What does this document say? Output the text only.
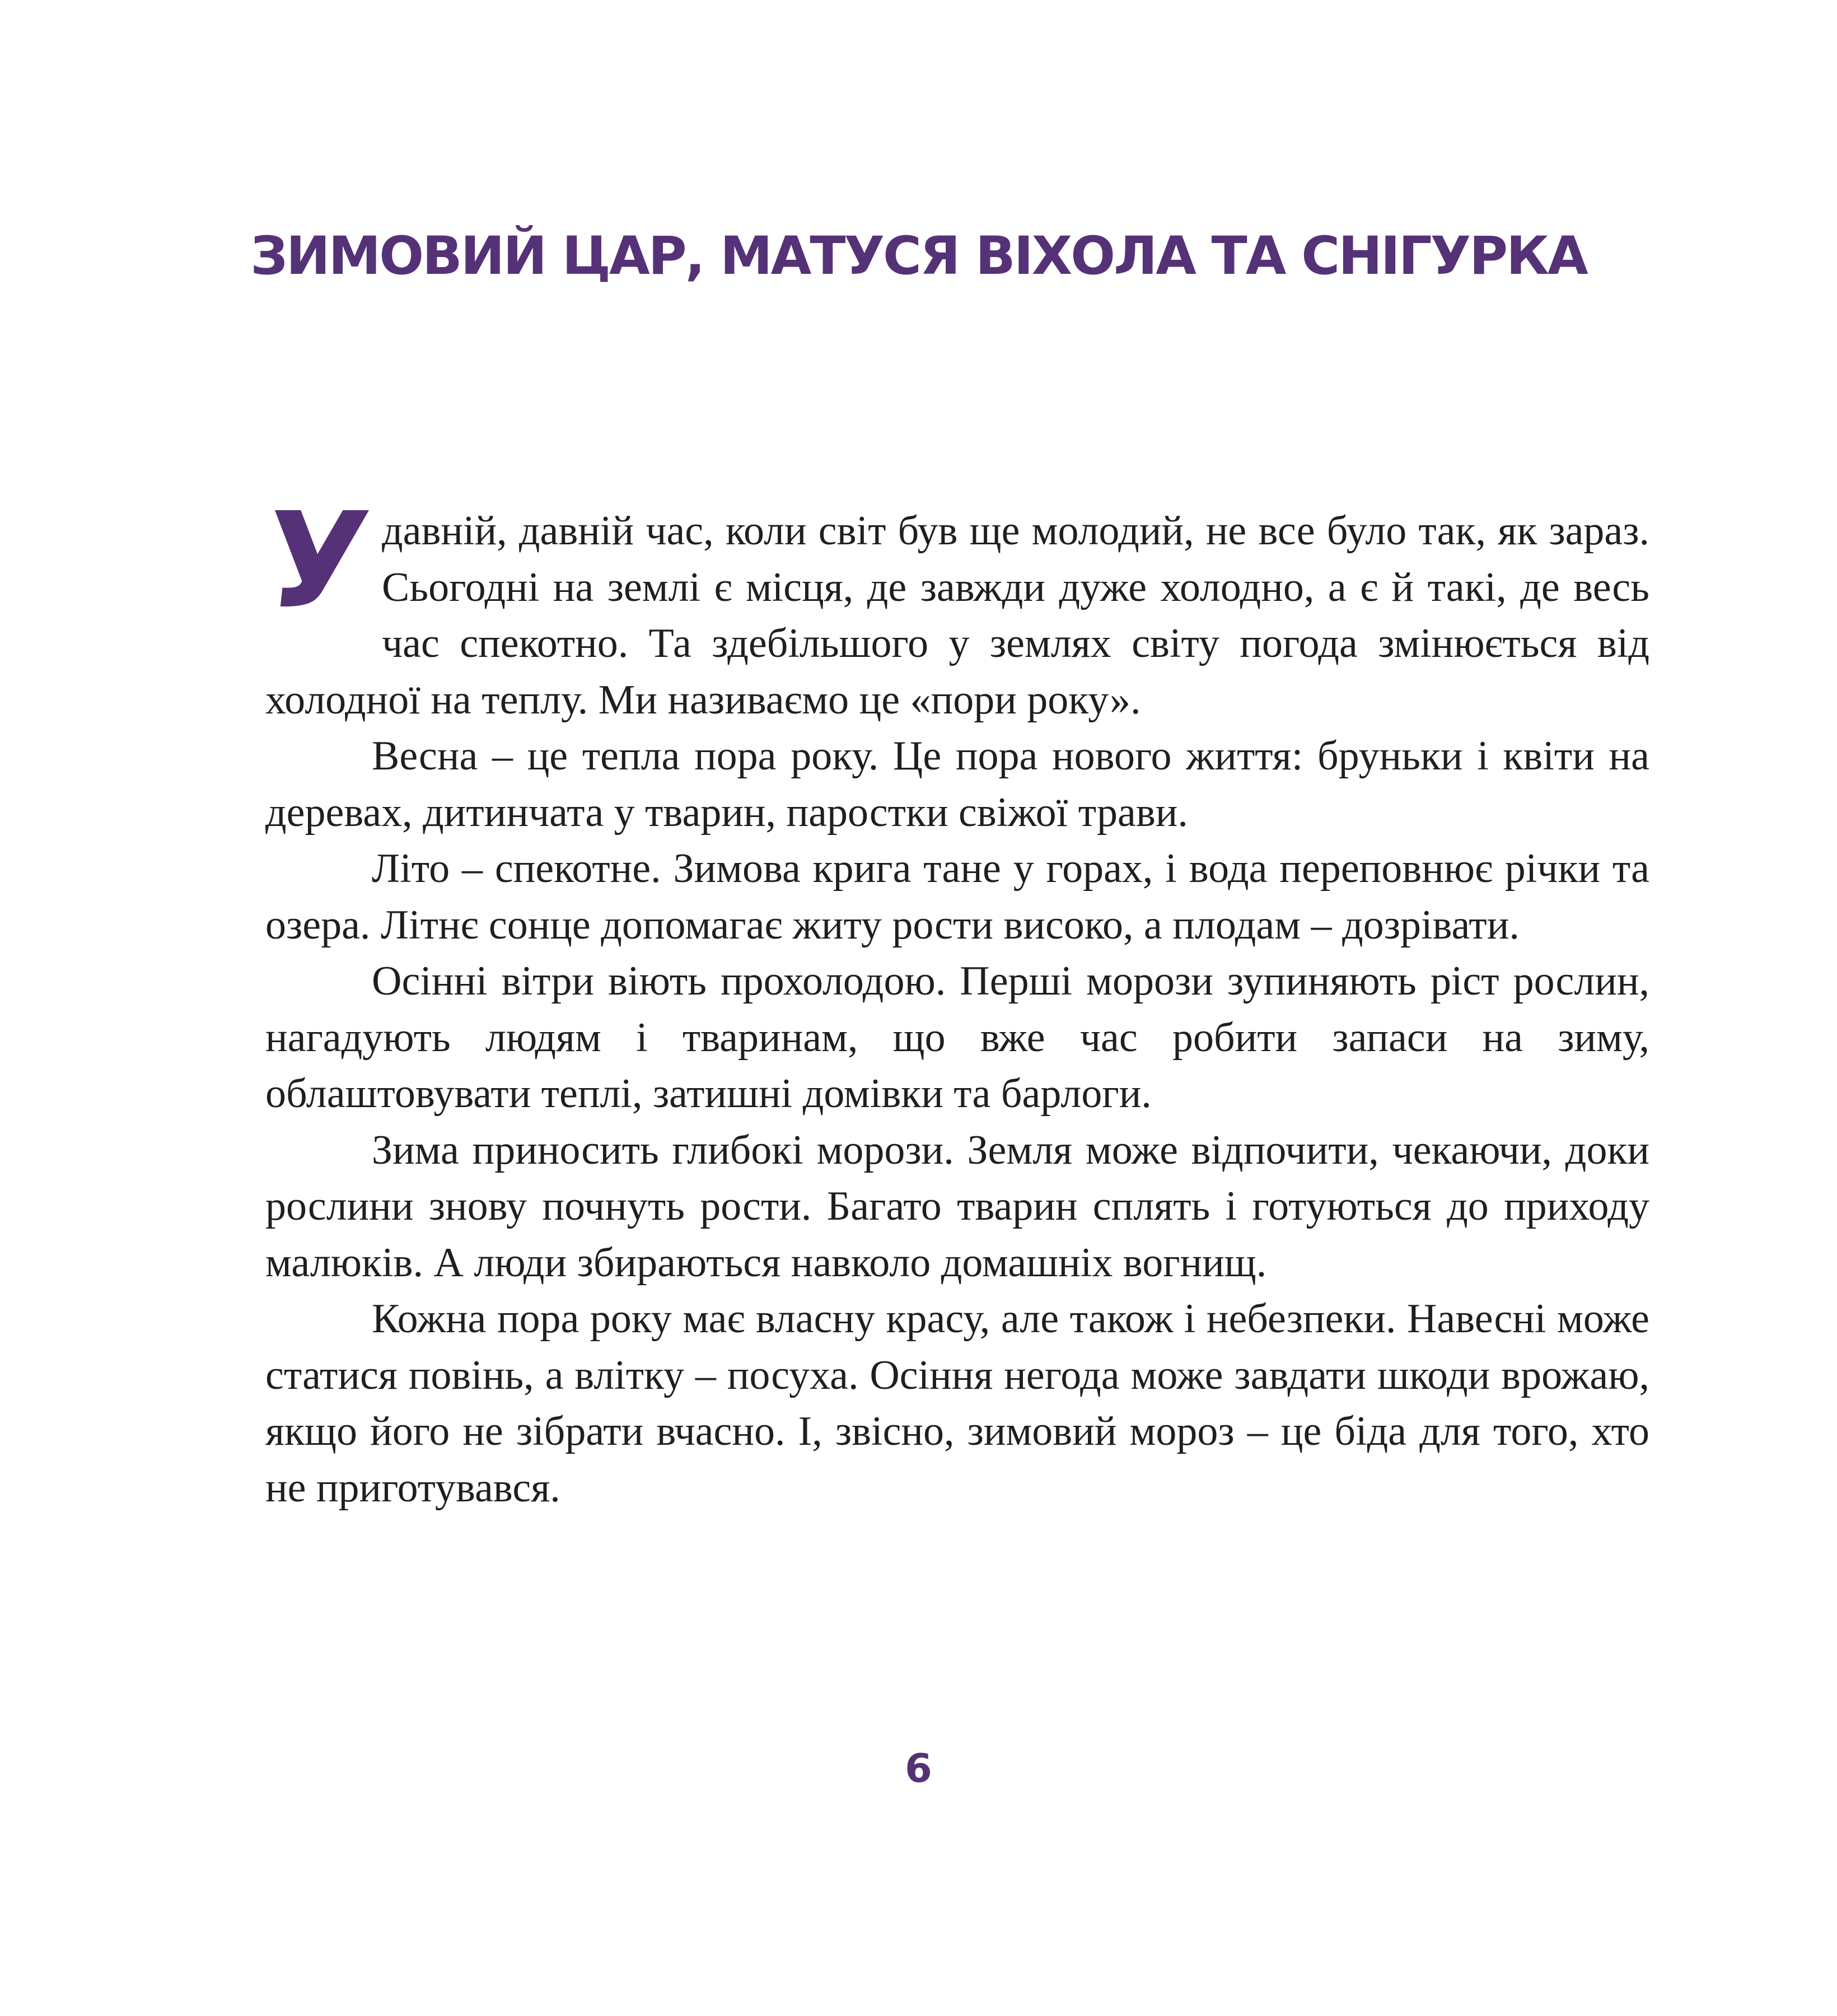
ЗИМОВИЙ ЦАР, МАТУСЯ ВІХОЛА ТА СНІГУРКА

Удавній, давній час, коли світ був ще молодий, не все було так, як зараз. Сьогодні на землі є місця, де завжди дуже холодно, а є й такі, де весь час спекотно. Та здебільшого у землях світу погода змінюється від холодної на теплу. Ми називаємо це «пори року».

Весна – це тепла пора року. Це пора нового життя: бруньки і квіти на деревах, дитинчата у тварин, паростки свіжої трави.

Літо – спекотне. Зимова крига тане у горах, і вода переповнює річки та озера. Літнє сонце допомагає житу рости високо, а плодам – дозрівати.

Осінні вітри віють прохолодою. Перші морози зупиняють ріст рослин, нагадують людям і тваринам, що вже час робити запаси на зиму, облаштовувати теплі, затишні домівки та барлоги.

Зима приносить глибокі морози. Земля може відпочити, чекаючи, доки рослини знову почнуть рости. Багато тварин сплять і готуються до приходу малюків. А люди збираються навколо домашніх вогнищ.

Кожна пора року має власну красу, але також і небезпеки. Навесні може статися повінь, а влітку – посуха. Осіння негода може завдати шкоди врожаю, якщо його не зібрати вчасно. І, звісно, зимовий мороз – це біда для того, хто не приготувався.

6
